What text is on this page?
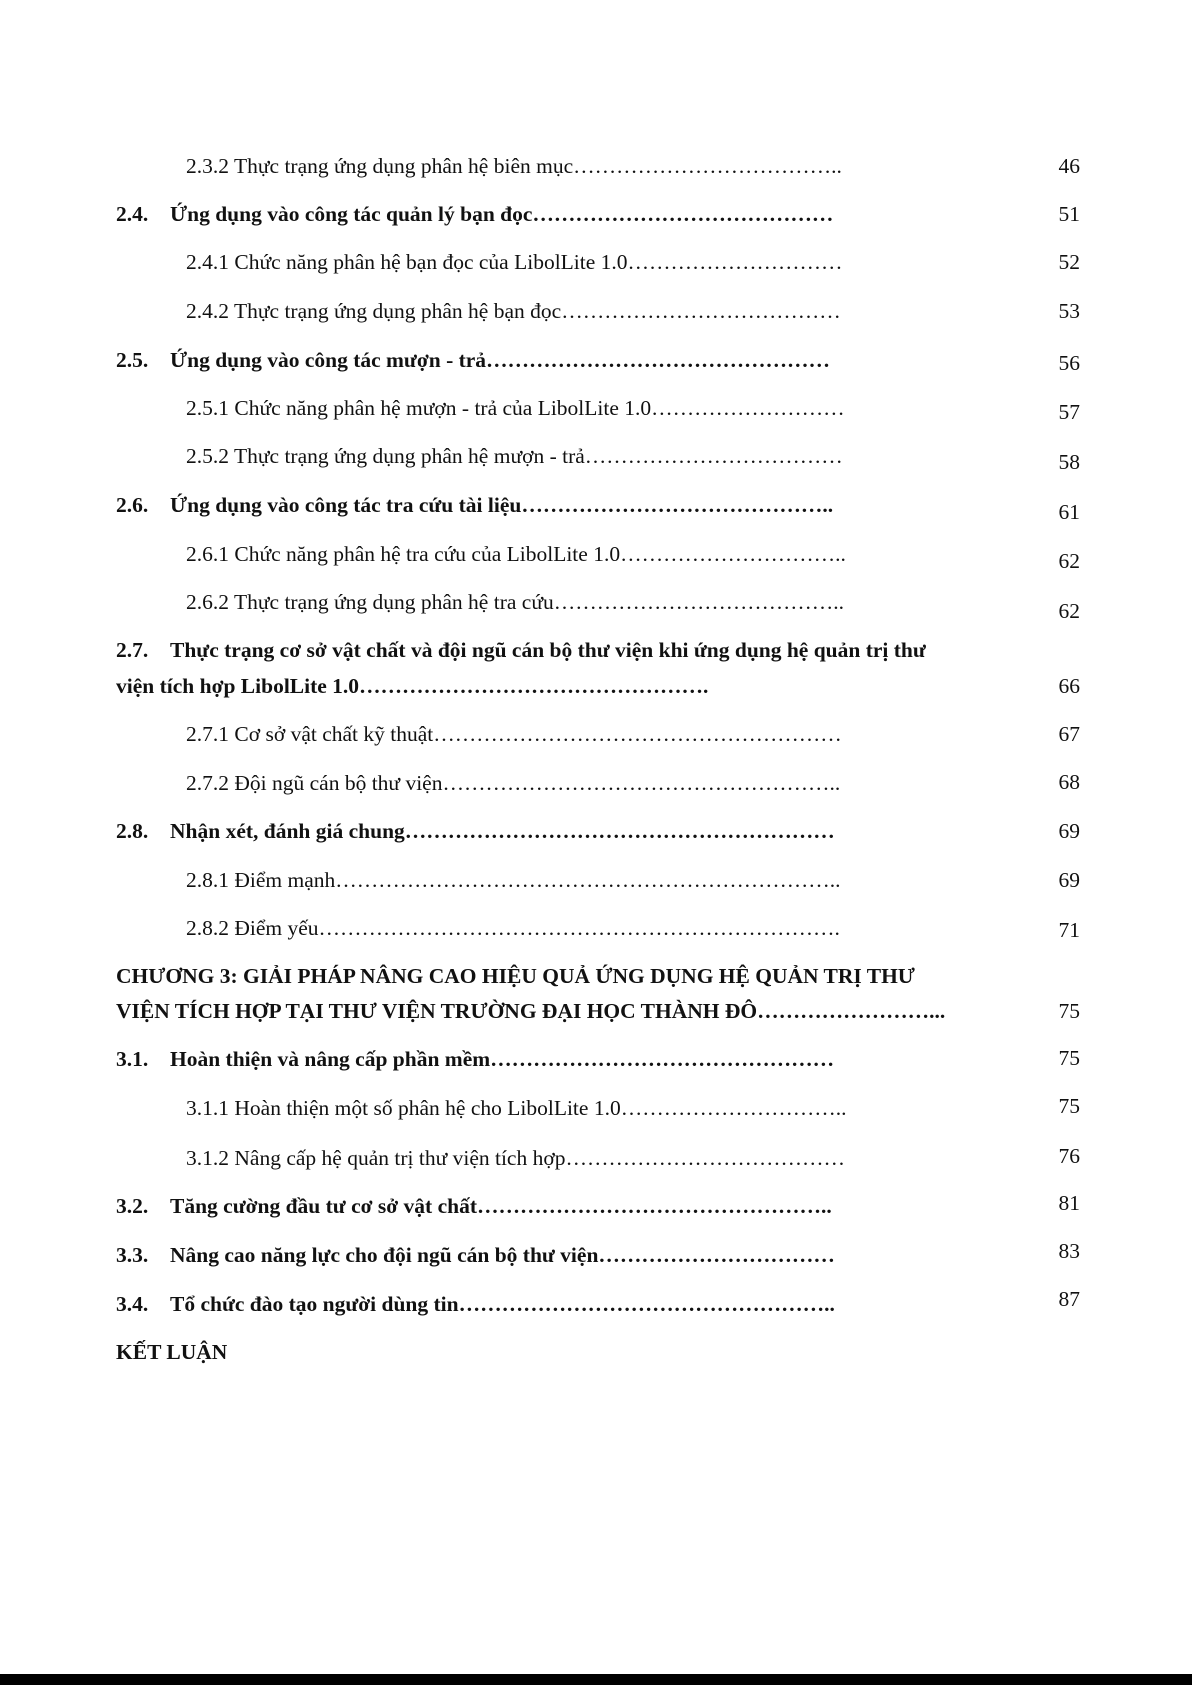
2.3.2 Thực trạng ứng dụng phân hệ biên mục………………………………..	46
2.4. Ứng dụng vào công tác quản lý bạn đọc……………………………………	51
2.4.1 Chức năng phân hệ bạn đọc của LibolLite 1.0…………………………	52
2.4.2 Thực trạng ứng dụng phân hệ bạn đọc…………………………………	53
2.5. Ứng dụng vào công tác mượn - trả…………………………………………	56
2.5.1 Chức năng phân hệ mượn - trả của LibolLite 1.0………………………	57
2.5.2 Thực trạng ứng dụng phân hệ mượn - trả………………………………	58
2.6. Ứng dụng vào công tác tra cứu tài liệu……………………………………..	61
2.6.1 Chức năng phân hệ tra cứu của LibolLite 1.0…………………………..	62
2.6.2 Thực trạng ứng dụng phân hệ tra cứu…………………………………..	62
2.7. Thực trạng cơ sở vật chất và đội ngũ cán bộ thư viện khi ứng dụng hệ quản trị thư
viện tích hợp LibolLite 1.0………………………………………….	66
2.7.1 Cơ sở vật chất kỹ thuật…………………………………………………	67
2.7.2 Đội ngũ cán bộ thư viện………………………………………………..	68
2.8. Nhận xét, đánh giá chung……………………………………………………	69
2.8.1 Điểm mạnh……………………………………………………………..	69
2.8.2 Điểm yếu……………………………………………………………….	71
CHƯƠNG 3: GIẢI PHÁP NÂNG CAO HIỆU QUẢ ỨNG DỤNG HỆ QUẢN TRỊ THƯ
VIỆN TÍCH HỢP TẠI THƯ VIỆN TRƯỜNG ĐẠI HỌC THÀNH ĐÔ……………………...	75
3.1. Hoàn thiện và nâng cấp phần mềm…………………………………………	75
3.1.1 Hoàn thiện một số phân hệ cho LibolLite 1.0…………………………..	75
3.1.2 Nâng cấp hệ quản trị thư viện tích hợp…………………………………	76
3.2. Tăng cường đầu tư cơ sở vật chất…………………………………………..	81
3.3. Nâng cao năng lực cho đội ngũ cán bộ thư viện……………………………	83
3.4. Tổ chức đào tạo người dùng tin……………………………………………..	87
KẾT LUẬN
